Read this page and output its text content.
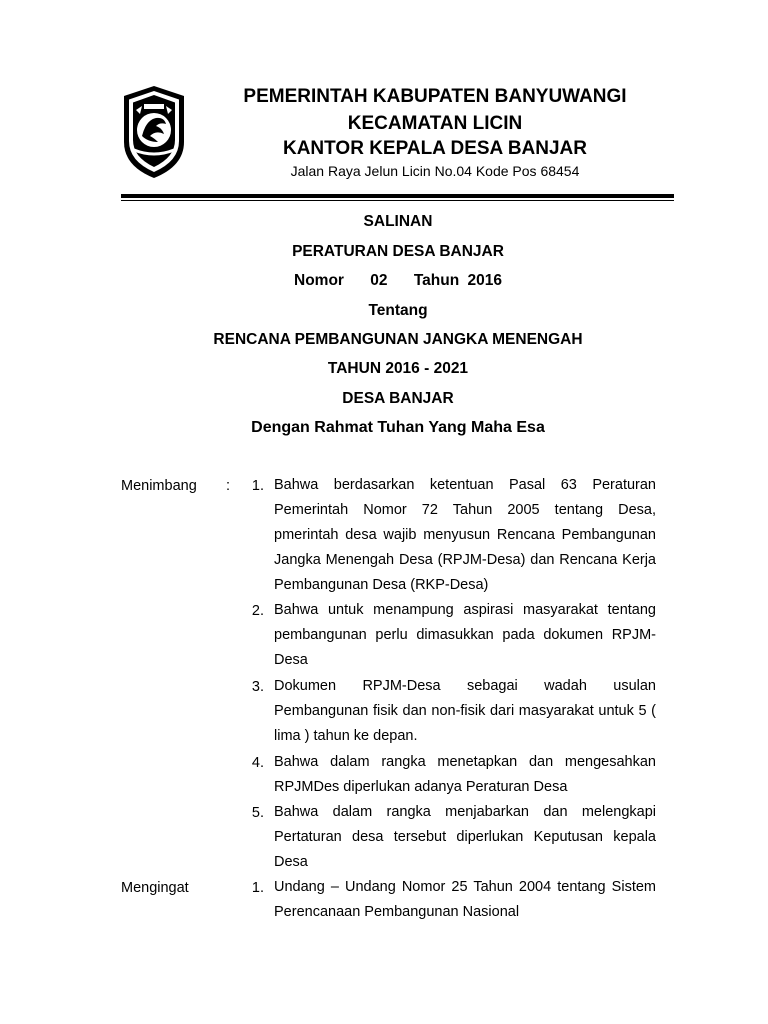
PEMERINTAH KABUPATEN BANYUWANGI
KECAMATAN LICIN
KANTOR KEPALA DESA BANJAR
Jalan Raya Jelun Licin No.04 Kode Pos 68454
SALINAN
PERATURAN DESA BANJAR
Nomor 02 Tahun 2016
Tentang
RENCANA PEMBANGUNAN JANGKA MENENGAH
TAHUN 2016 - 2021
DESA BANJAR
Dengan Rahmat Tuhan Yang Maha Esa
Menimbang :	1. Bahwa berdasarkan ketentuan Pasal 63 Peraturan Pemerintah Nomor 72 Tahun 2005 tentang Desa, pmerintah desa wajib menyusun Rencana Pembangunan Jangka Menengah Desa (RPJM-Desa) dan Rencana Kerja Pembangunan Desa (RKP-Desa)

2. Bahwa untuk menampung aspirasi masyarakat tentang pembangunan perlu dimasukkan pada dokumen RPJM-Desa

3. Dokumen RPJM-Desa sebagai wadah usulan Pembangunan fisik dan non-fisik dari masyarakat untuk 5 ( lima ) tahun ke depan.

4. Bahwa dalam rangka menetapkan dan mengesahkan RPJMDes diperlukan adanya Peraturan Desa

5. Bahwa dalam rangka menjabarkan dan melengkapi Pertaturan desa tersebut diperlukan Keputusan kepala Desa

Mengingat	1. Undang – Undang Nomor 25 Tahun 2004 tentang Sistem Perencanaan Pembangunan Nasional
